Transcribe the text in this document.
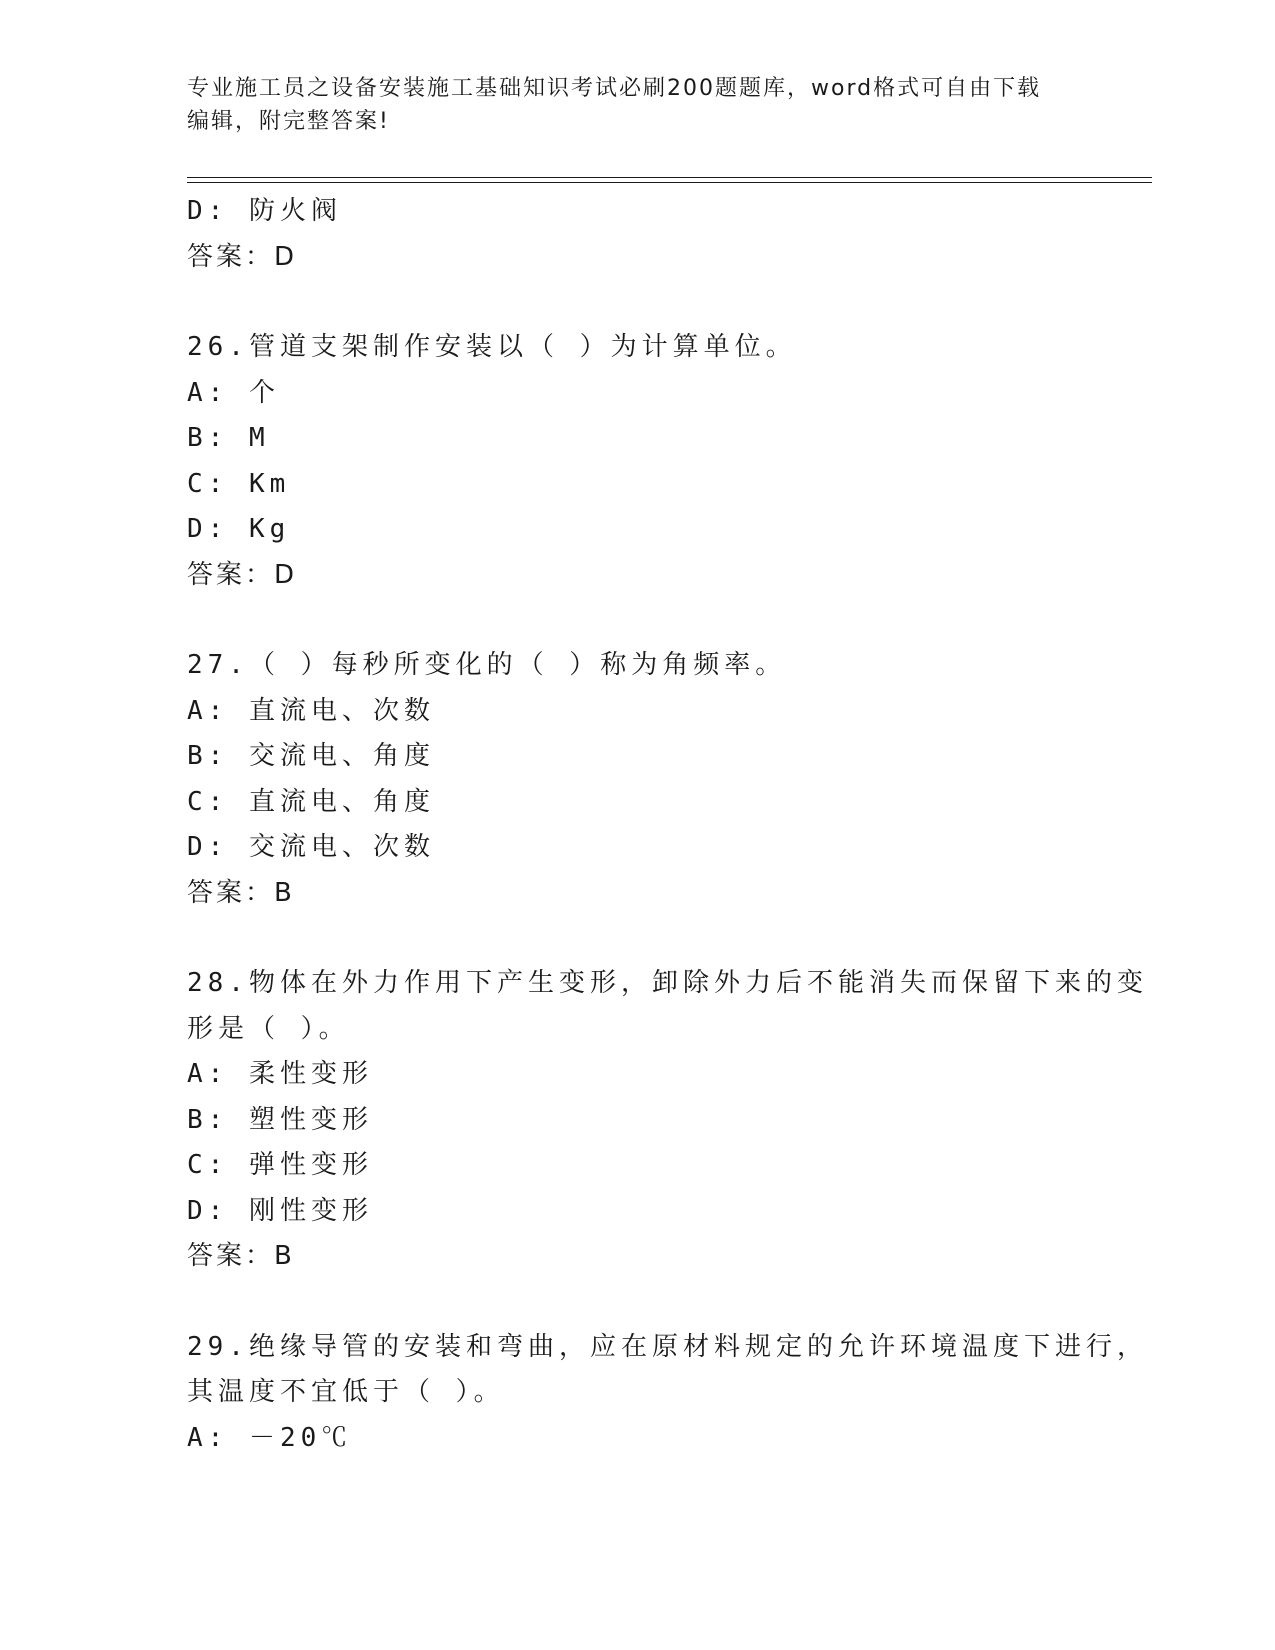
专业施工员之设备安装施工基础知识考试必刷200题题库，word格式可自由下载
编辑，附完整答案!
D: 防火阀
答案：D
26.管道支架制作安装以（ ）为计算单位。
A: 个
B: M
C: Km
D: Kg
答案：D
27.（ ）每秒所变化的（ ）称为角频率。
A: 直流电、次数
B: 交流电、角度
C: 直流电、角度
D: 交流电、次数
答案：B
28.物体在外力作用下产生变形，卸除外力后不能消失而保留下来的变
形是（ ）。
A: 柔性变形
B: 塑性变形
C: 弹性变形
D: 刚性变形
答案：B
29.绝缘导管的安装和弯曲，应在原材料规定的允许环境温度下进行，
其温度不宜低于（ ）。
A: －20℃
